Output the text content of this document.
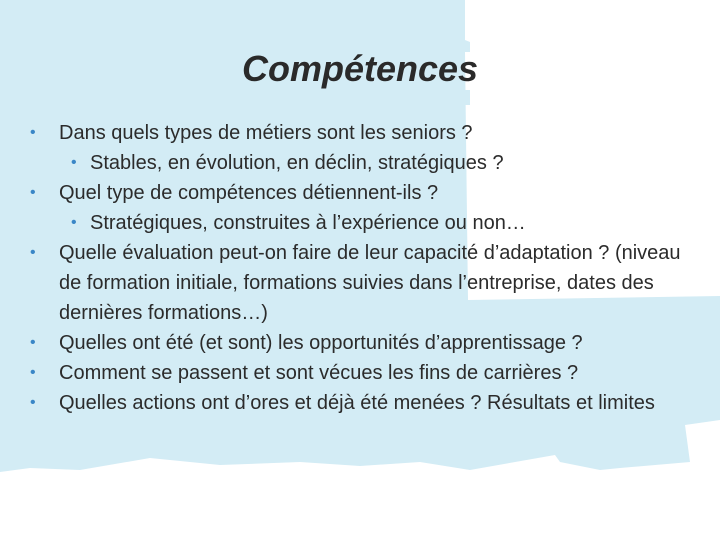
Compétences
• Dans quels types de métiers sont les seniors ?
• Stables, en évolution, en déclin, stratégiques ?
• Quel type de compétences détiennent-ils ?
• Stratégiques, construites à l’expérience ou non…
• Quelle évaluation peut-on faire de leur capacité d’adaptation ? (niveau de formation initiale, formations suivies dans l’entreprise, dates des dernières formations…)
• Quelles ont été (et sont) les opportunités d’apprentissage ?
• Comment se passent et sont vécues les fins de carrières ?
• Quelles actions ont d’ores et déjà été menées ? Résultats et limites
